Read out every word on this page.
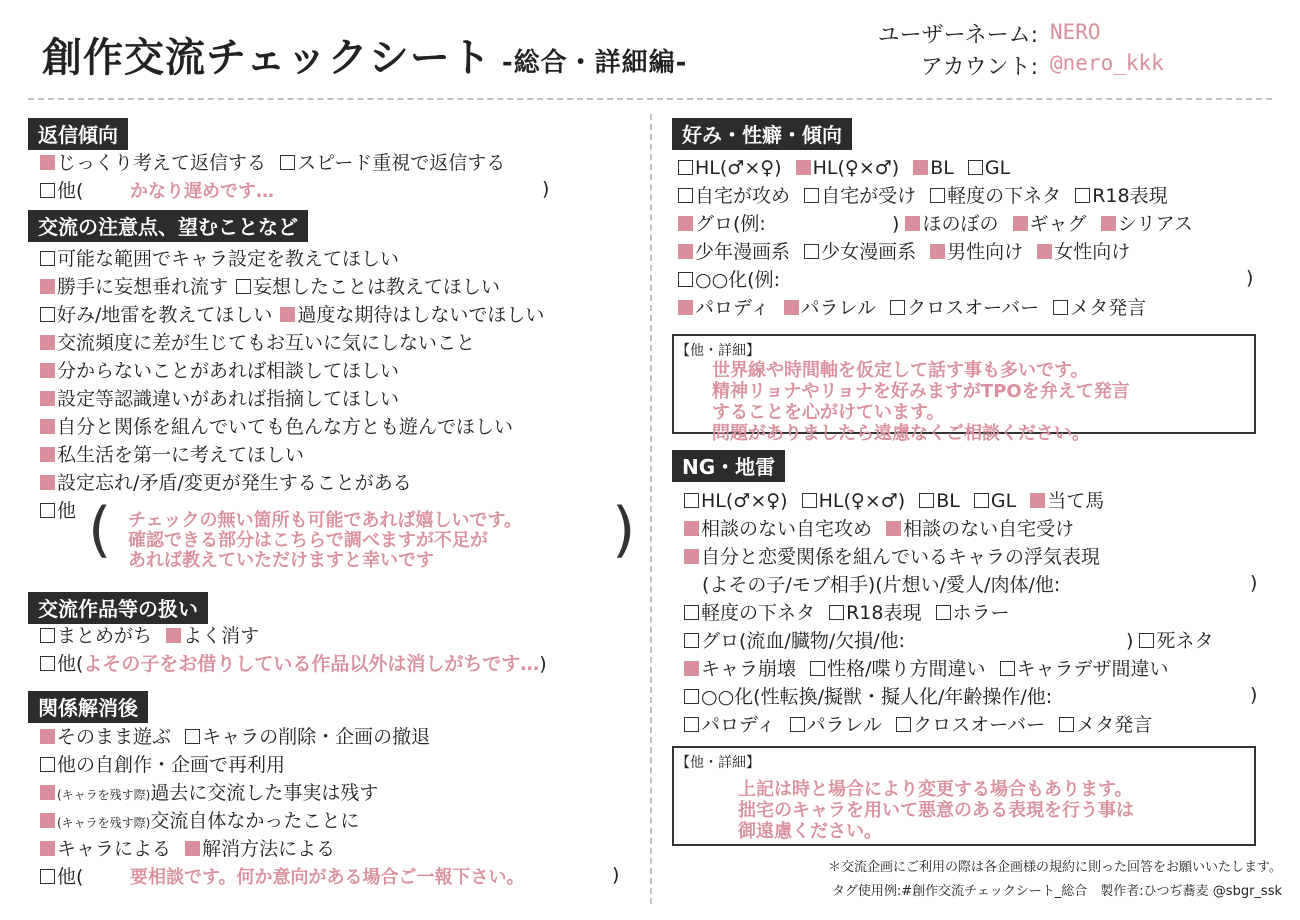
創作交流チェックシート -総合・詳細編-
ユーザーネーム: NERO
アカウント: @nero_kkk
返信傾向
じっくり考えて返信する スピード重視で返信する
他(	かなり遅めです…	)
交流の注意点、望むことなど
可能な範囲でキャラ設定を教えてほしい
勝手に妄想垂れ流す 妄想したことは教えてほしい
好み/地雷を教えてほしい 過度な期待はしないでほしい
交流頻度に差が生じてもお互いに気にしないこと
分からないことがあれば相談してほしい
設定等認識違いがあれば指摘してほしい
自分と関係を組んでいても色んな方とも遊んでほしい
私生活を第一に考えてほしい
設定忘れ/矛盾/変更が発生することがある
他 (	)
チェックの無い箇所も可能であれば嬉しいです。
確認できる部分はこちらで調べますが不足が
あれば教えていただけますと幸いです
交流作品等の扱い
まとめがち よく消す
他(よその子をお借りしている作品以外は消しがちです…)
関係解消後
そのまま遊ぶ キャラの削除・企画の撤退
他の自創作・企画で再利用
(キャラを残す際)過去に交流した事実は残す
(キャラを残す際)交流自体なかったことに
キャラによる 解消方法による
他(	要相談です。何か意向がある場合ご一報下さい。	)
好み・性癖・傾向
HL(♂×♀) HL(♀×♂) BL GL
自宅が攻め 自宅が受け 軽度の下ネタ R18表現
グロ(例:	) ほのぼの ギャグ シリアス
少年漫画系 少女漫画系 男性向け 女性向け
○○化(例:	)
パロディ パラレル クロスオーバー メタ発言
【他・詳細】
世界線や時間軸を仮定して話す事も多いです。
精神リョナやリョナを好みますがTPOを弁えて発言
することを心がけています。
問題がありましたら遠慮なくご相談ください。
NG・地雷
HL(♂×♀) HL(♀×♂) BL GL 当て馬
相談のない自宅攻め 相談のない自宅受け
自分と恋愛関係を組んでいるキャラの浮気表現
(よその子/モブ相手)(片想い/愛人/肉体/他:	)
軽度の下ネタ R18表現 ホラー
グロ(流血/臓物/欠損/他:	) 死ネタ
キャラ崩壊 性格/喋り方間違い キャラデザ間違い
○○化(性転換/擬獣・擬人化/年齢操作/他:	)
パロディ パラレル クロスオーバー メタ発言
【他・詳細】
上記は時と場合により変更する場合もあります。
拙宅のキャラを用いて悪意のある表現を行う事は
御遠慮ください。
＊交流企画にご利用の際は各企画様の規約に則った回答をお願いいたします。
タグ使用例:#創作交流チェックシート_総合　製作者:ひつぢ蕎麦 @sbgr_ssk
